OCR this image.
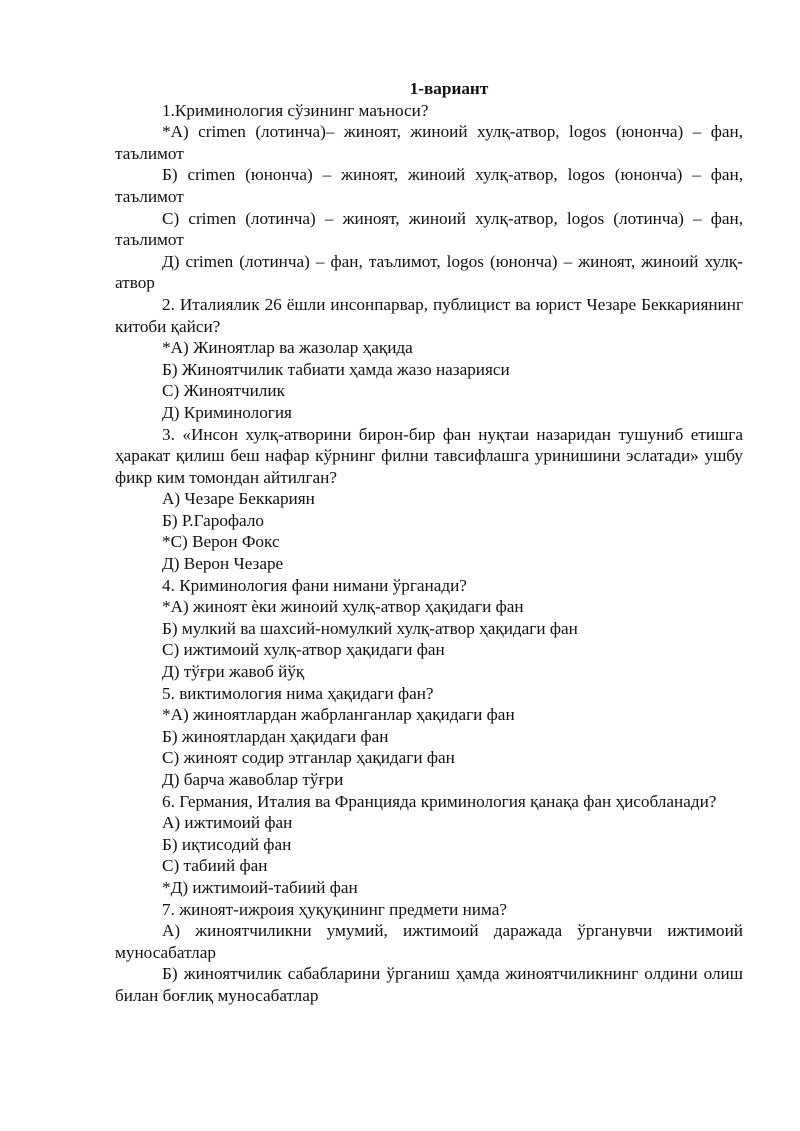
1-вариант

1.Криминология сўзининг маъноси?

*А) crimen (лотинча)– жиноят, жиноий хулқ-атвор, logos (юнонча) – фан, таълимот

Б) crimen (юнонча) – жиноят, жиноий хулқ-атвор, logos (юнонча) – фан, таълимот

С) crimen (лотинча) – жиноят, жиноий хулқ-атвор, logos (лотинча) – фан, таълимот

Д) crimen (лотинча) – фан, таълимот, logos (юнонча) – жиноят, жиноий хулқ-атвор

2. Италиялик 26 ёшли инсонпарвар, публицист ва юрист Чезаре Беккариянинг китоби қайси?

*А) Жиноятлар ва жазолар ҳақида

Б) Жиноятчилик табиати ҳамда жазо назарияси

С) Жиноятчилик

Д) Криминология

3. «Инсон хулқ-атворини бирон-бир фан нуқтаи назаридан тушуниб етишга ҳаракат қилиш беш нафар кўрнинг филни тавсифлашга уринишини эслатади» ушбу фикр ким томондан айтилган?

А) Чезаре Беккариян

Б) Р.Гарофало

*С) Верон Фокс

Д) Верон Чезаре

4. Криминология фани нимани ўрганади?

*А) жиноят ѐки жиноий хулқ-атвор ҳақидаги фан

Б) мулкий ва шахсий-номулкий хулқ-атвор ҳақидаги фан

С) ижтимоий хулқ-атвор ҳақидаги фан

Д) тўғри жавоб йўқ

5. виктимология нима ҳақидаги фан?

*А) жиноятлардан жабрланганлар ҳақидаги фан

Б) жиноятлардан ҳақидаги фан

С) жиноят содир этганлар ҳақидаги фан

Д) барча жавоблар тўғри

6. Германия, Италия ва Францияда криминология қанақа фан ҳисобланади?

А) ижтимоий фан

Б) иқтисодий фан

С) табиий фан

*Д) ижтимоий-табиий фан

7. жиноят-ижроия ҳуқуқининг предмети нима?

А) жиноятчиликни умумий, ижтимоий даражада ўрганувчи ижтимоий муносабатлар

Б) жиноятчилик сабабларини ўрганиш ҳамда жиноятчиликнинг олдини олиш билан боғлиқ муносабатлар
